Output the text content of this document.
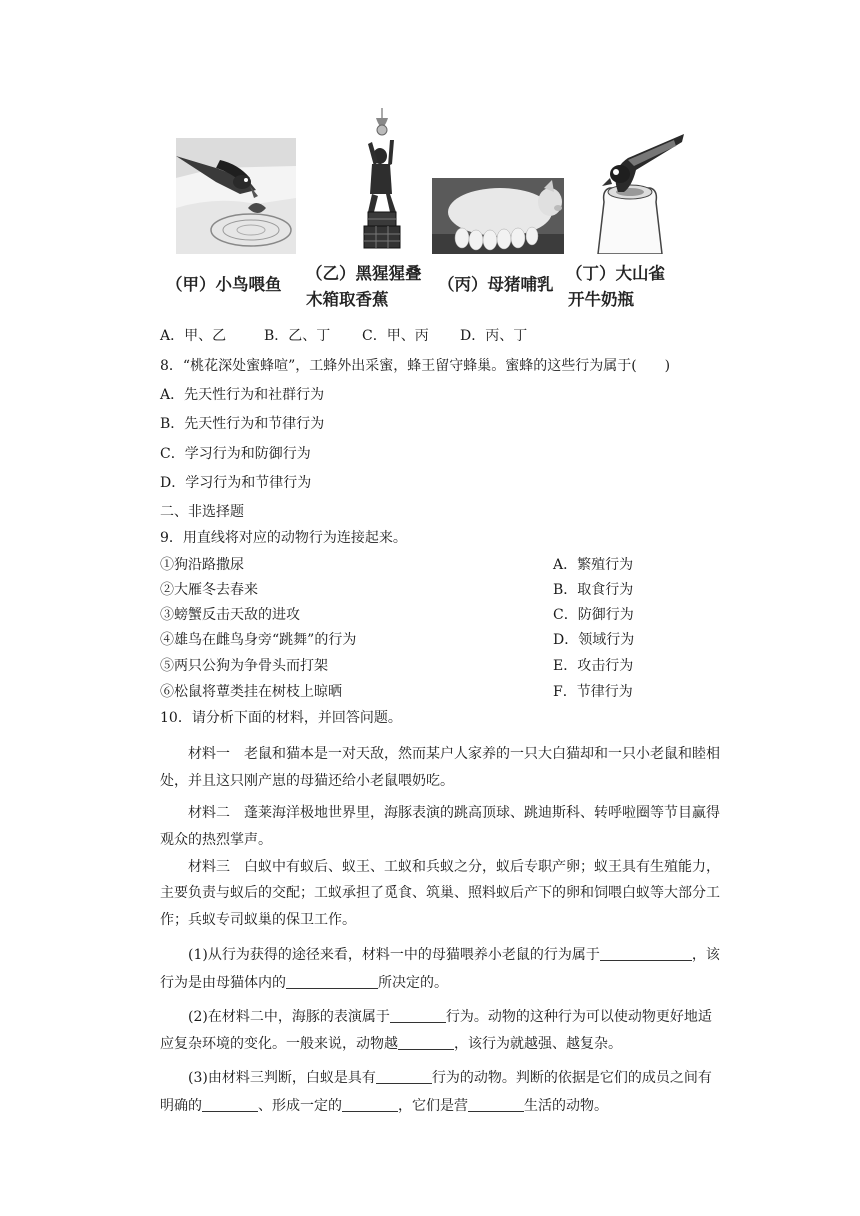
（甲）小鸟喂鱼
（乙）黑猩猩叠
木箱取香蕉
（丙）母猪哺乳
（丁）大山雀
开牛奶瓶
A．甲、乙	B．乙、丁 C．甲、丙 D．丙、丁
8．“桃花深处蜜蜂喧”，工蜂外出采蜜，蜂王留守蜂巢。蜜蜂的这些行为属于(　　)
A．先天性行为和社群行为
B．先天性行为和节律行为
C．学习行为和防御行为
D．学习行为和节律行为
二、非选择题
9．用直线将对应的动物行为连接起来。
①狗沿路撒尿
②大雁冬去春来
③螃蟹反击天敌的进攻
④雄鸟在雌鸟身旁“跳舞”的行为
⑤两只公狗为争骨头而打架
⑥松鼠将蕈类挂在树枝上晾晒
A．繁殖行为
B．取食行为
C．防御行为
D．领域行为
E．攻击行为
F．节律行为
10．请分析下面的材料，并回答问题。
材料一　老鼠和猫本是一对天敌，然而某户人家养的一只大白猫却和一只小老鼠和睦相
处，并且这只刚产崽的母猫还给小老鼠喂奶吃。
材料二　蓬莱海洋极地世界里，海豚表演的跳高顶球、跳迪斯科、转呼啦圈等节目赢得
观众的热烈掌声。
材料三　白蚁中有蚁后、蚁王、工蚁和兵蚁之分，蚁后专职产卵；蚁王具有生殖能力，
主要负责与蚁后的交配；工蚁承担了觅食、筑巢、照料蚁后产下的卵和饲喂白蚁等大部分工
作；兵蚁专司蚁巢的保卫工作。
(1)从行为获得的途径来看，材料一中的母猫喂养小老鼠的行为属于	，该
行为是由母猫体内的	所决定的。
(2)在材料二中，海豚的表演属于	行为。动物的这种行为可以使动物更好地适
应复杂环境的变化。一般来说，动物越	，该行为就越强、越复杂。
(3)由材料三判断，白蚁是具有	行为的动物。判断的依据是它们的成员之间有
明确的	、形成一定的	，它们是营	生活的动物。
